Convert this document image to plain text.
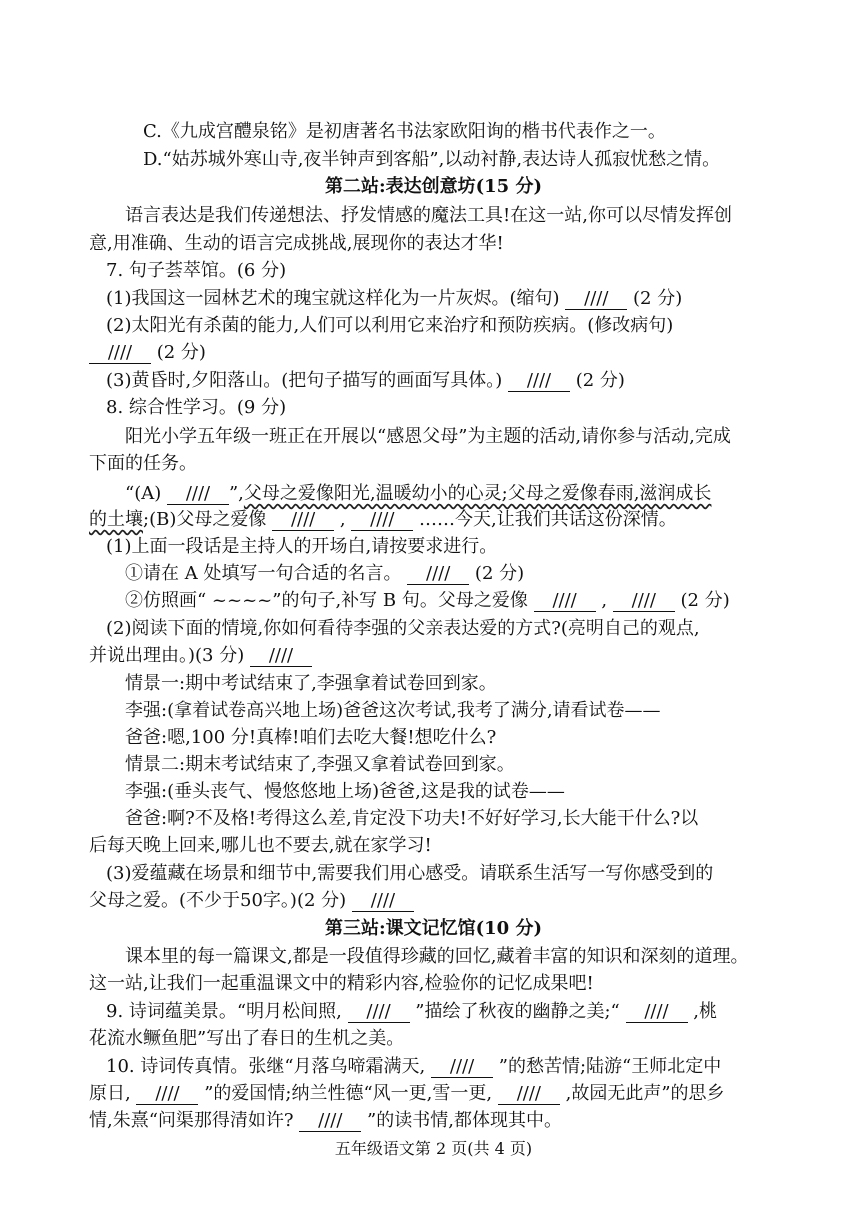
C.《九成宫醴泉铭》是初唐著名书法家欧阳询的楷书代表作之一。
D.“姑苏城外寒山寺,夜半钟声到客船”,以动衬静,表达诗人孤寂忧愁之情。
第二站:表达创意坊(15 分)
语言表达是我们传递想法、抒发情感的魔法工具!在这一站,你可以尽情发挥创
意,用准确、生动的语言完成挑战,展现你的表达才华!
7. 句子荟萃馆。(6 分)
(1)我国这一园林艺术的瑰宝就这样化为一片灰烬。(缩句) //// (2 分)
(2)太阳光有杀菌的能力,人们可以利用它来治疗和预防疾病。(修改病句)
//// (2 分)
(3)黄昏时,夕阳落山。(把句子描写的画面写具体。) //// (2 分)
8. 综合性学习。(9 分)
阳光小学五年级一班正在开展以“感恩父母”为主题的活动,请你参与活动,完成
下面的任务。
“(A) //// ”,父母之爱像阳光,温暖幼小的心灵;父母之爱像春雨,滋润成长
的土壤;(B)父母之爱像 //// , //// ……今天,让我们共话这份深情。
(1)上面一段话是主持人的开场白,请按要求进行。
①请在 A 处填写一句合适的名言。 //// (2 分)
②仿照画“ ~~~~”的句子,补写 B 句。父母之爱像 //// , //// (2 分)
(2)阅读下面的情境,你如何看待李强的父亲表达爱的方式?(亮明自己的观点,
并说出理由。)(3 分) ////
情景一:期中考试结束了,李强拿着试卷回到家。
李强:(拿着试卷高兴地上场)爸爸这次考试,我考了满分,请看试卷——
爸爸:嗯,100 分!真棒!咱们去吃大餐!想吃什么?
情景二:期末考试结束了,李强又拿着试卷回到家。
李强:(垂头丧气、慢悠悠地上场)爸爸,这是我的试卷——
爸爸:啊?不及格!考得这么差,肯定没下功夫!不好好学习,长大能干什么?以
后每天晚上回来,哪儿也不要去,就在家学习!
(3)爱蕴藏在场景和细节中,需要我们用心感受。请联系生活写一写你感受到的
父母之爱。(不少于50字。)(2 分) ////
第三站:课文记忆馆(10 分)
课本里的每一篇课文,都是一段值得珍藏的回忆,藏着丰富的知识和深刻的道理。
这一站,让我们一起重温课文中的精彩内容,检验你的记忆成果吧!
9. 诗词蕴美景。“明月松间照, //// ”描绘了秋夜的幽静之美;“ //// ,桃
花流水鳜鱼肥”写出了春日的生机之美。
10. 诗词传真情。张继“月落乌啼霜满天, //// ”的愁苦情;陆游“王师北定中
原日, //// ”的爱国情;纳兰性德“风一更,雪一更, //// ,故园无此声”的思乡
情,朱熹“问渠那得清如许? //// ”的读书情,都体现其中。
五年级语文第 2 页(共 4 页)
